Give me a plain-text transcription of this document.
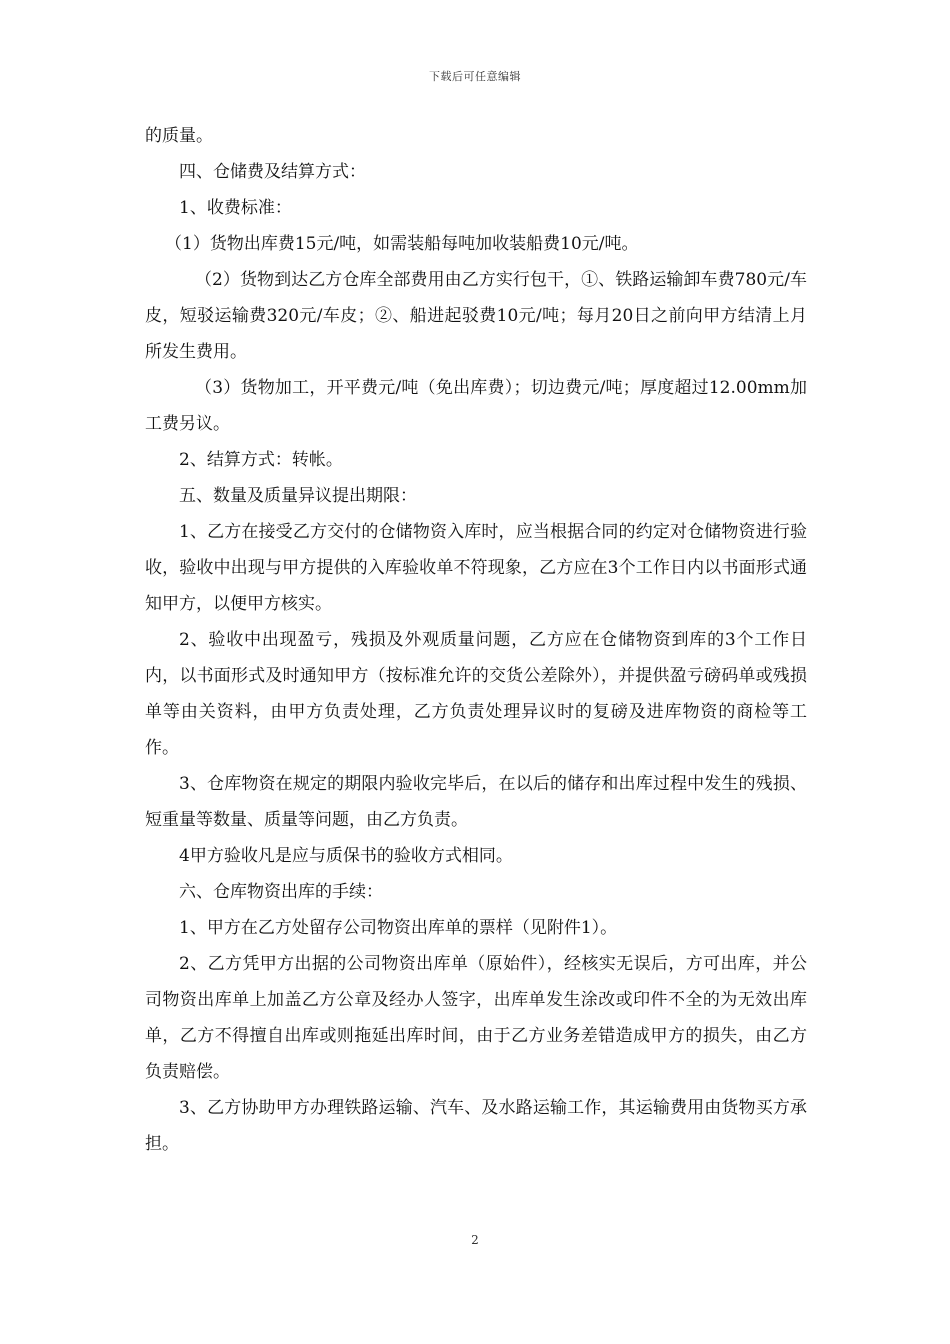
下载后可任意编辑

的质量。

四、仓储费及结算方式：

1、收费标准：

（1）货物出库费15元/吨，如需装船每吨加收装船费10元/吨。

（2）货物到达乙方仓库全部费用由乙方实行包干，①、铁路运输卸车费780元/车皮，短驳运输费320元/车皮；②、船进起驳费10元/吨；每月20日之前向甲方结清上月所发生费用。

（3）货物加工，开平费元/吨（免出库费）；切边费元/吨；厚度超过12.00mm加工费另议。

2、结算方式：转帐。

五、数量及质量异议提出期限：

1、乙方在接受乙方交付的仓储物资入库时，应当根据合同的约定对仓储物资进行验收，验收中出现与甲方提供的入库验收单不符现象，乙方应在3个工作日内以书面形式通知甲方，以便甲方核实。

2、验收中出现盈亏，残损及外观质量问题，乙方应在仓储物资到库的3个工作日内，以书面形式及时通知甲方（按标准允许的交货公差除外），并提供盈亏磅码单或残损单等由关资料，由甲方负责处理，乙方负责处理异议时的复磅及进库物资的商检等工作。

3、仓库物资在规定的期限内验收完毕后，在以后的储存和出库过程中发生的残损、短重量等数量、质量等问题，由乙方负责。

4甲方验收凡是应与质保书的验收方式相同。

六、仓库物资出库的手续：

1、甲方在乙方处留存公司物资出库单的票样（见附件1）。

2、乙方凭甲方出据的公司物资出库单（原始件），经核实无误后，方可出库，并公司物资出库单上加盖乙方公章及经办人签字，出库单发生涂改或印件不全的为无效出库单，乙方不得擅自出库或则拖延出库时间，由于乙方业务差错造成甲方的损失，由乙方负责赔偿。

3、乙方协助甲方办理铁路运输、汽车、及水路运输工作，其运输费用由货物买方承担。

2
